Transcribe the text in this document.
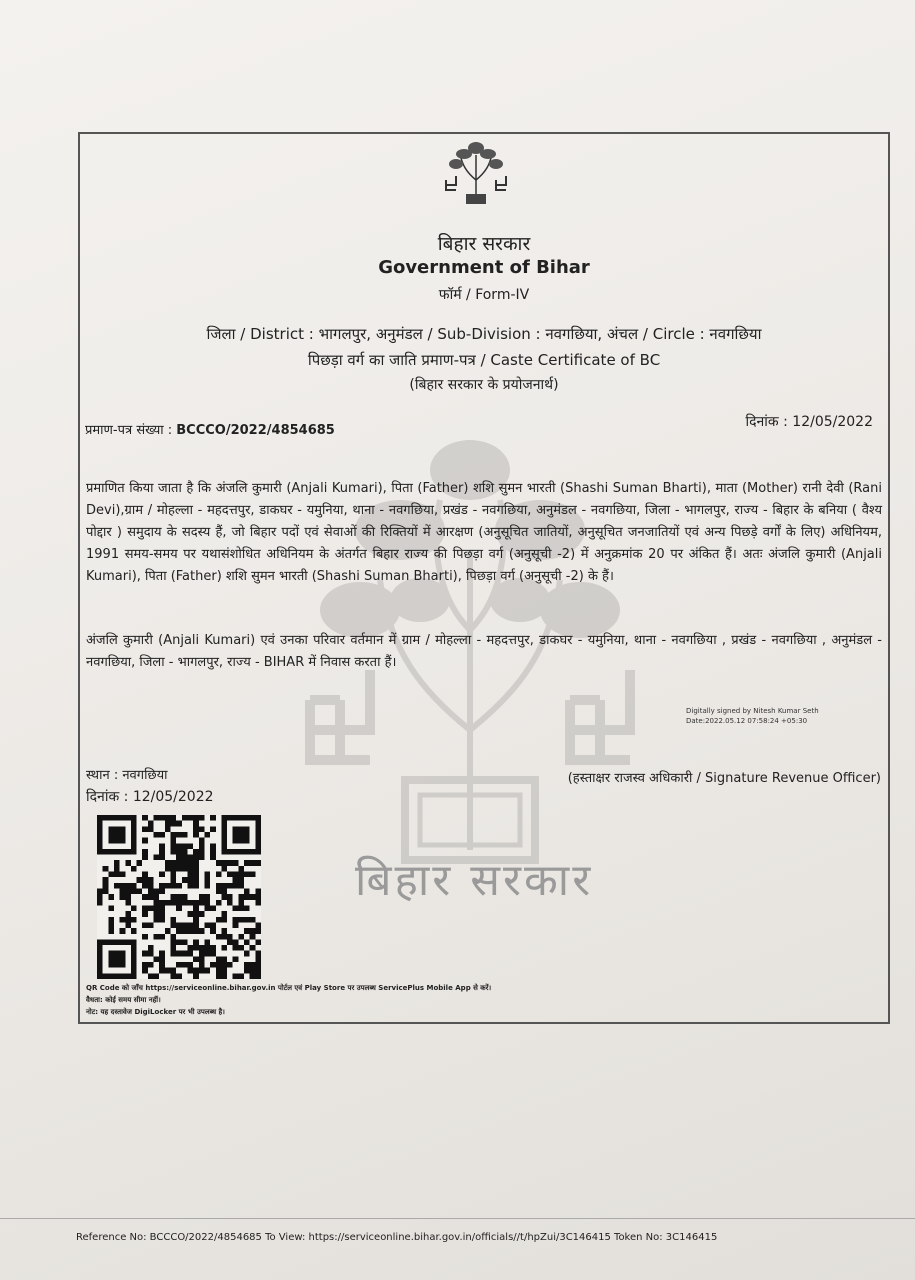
बिहार सरकार
बिहार सरकार
Government of Bihar
फॉर्म / Form-IV
जिला / District : भागलपुर, अनुमंडल / Sub-Division : नवगछिया, अंचल / Circle : नवगछिया
पिछड़ा वर्ग का जाति प्रमाण-पत्र / Caste Certificate of BC
(बिहार सरकार के प्रयोजनार्थ)
प्रमाण-पत्र संख्या : BCCCO/2022/4854685
दिनांक : 12/05/2022
प्रमाणित किया जाता है कि अंजलि कुमारी (Anjali Kumari), पिता (Father) शशि सुमन भारती (Shashi Suman Bharti), माता (Mother) रानी देवी (Rani Devi),ग्राम / मोहल्ला - महदत्तपुर, डाकघर - यमुनिया, थाना - नवगछिया, प्रखंड - नवगछिया, अनुमंडल - नवगछिया, जिला - भागलपुर, राज्य - बिहार के बनिया ( वैश्य पोद्दार ) समुदाय के सदस्य हैं, जो बिहार पदों एवं सेवाओं की रिक्तियों में आरक्षण (अनुसूचित जातियों, अनुसूचित जनजातियों एवं अन्य पिछड़े वर्गों के लिए) अधिनियम, 1991 समय-समय पर यथासंशोधित अधिनियम के अंतर्गत बिहार राज्य की पिछड़ा वर्ग (अनुसूची -2) में अनुक्रमांक 20 पर अंकित हैं। अतः अंजलि कुमारी (Anjali Kumari), पिता (Father) शशि सुमन भारती (Shashi Suman Bharti), पिछड़ा वर्ग (अनुसूची -2) के हैं।
अंजलि कुमारी (Anjali Kumari) एवं उनका परिवार वर्तमान में ग्राम / मोहल्ला - महदत्तपुर, डाकघर - यमुनिया, थाना - नवगछिया , प्रखंड - नवगछिया , अनुमंडल - नवगछिया, जिला - भागलपुर, राज्य - BIHAR में निवास करता हैं।
Digitally signed by Nitesh Kumar Seth
Date:2022.05.12 07:58:24 +05:30
स्थान : नवगछिया
दिनांक : 12/05/2022
(हस्ताक्षर राजस्व अधिकारी / Signature Revenue Officer)
QR Code को जाँच https://serviceonline.bihar.gov.in पोर्टल एवं Play Store पर उपलब्ध ServicePlus Mobile App से करें।
वैधता: कोई समय सीमा नहीं।
नोट: यह दस्तावेज DigiLocker पर भी उपलब्ध है।
Reference No: BCCCO/2022/4854685 To View: https://serviceonline.bihar.gov.in/officials//t/hpZui/3C146415 Token No: 3C146415
